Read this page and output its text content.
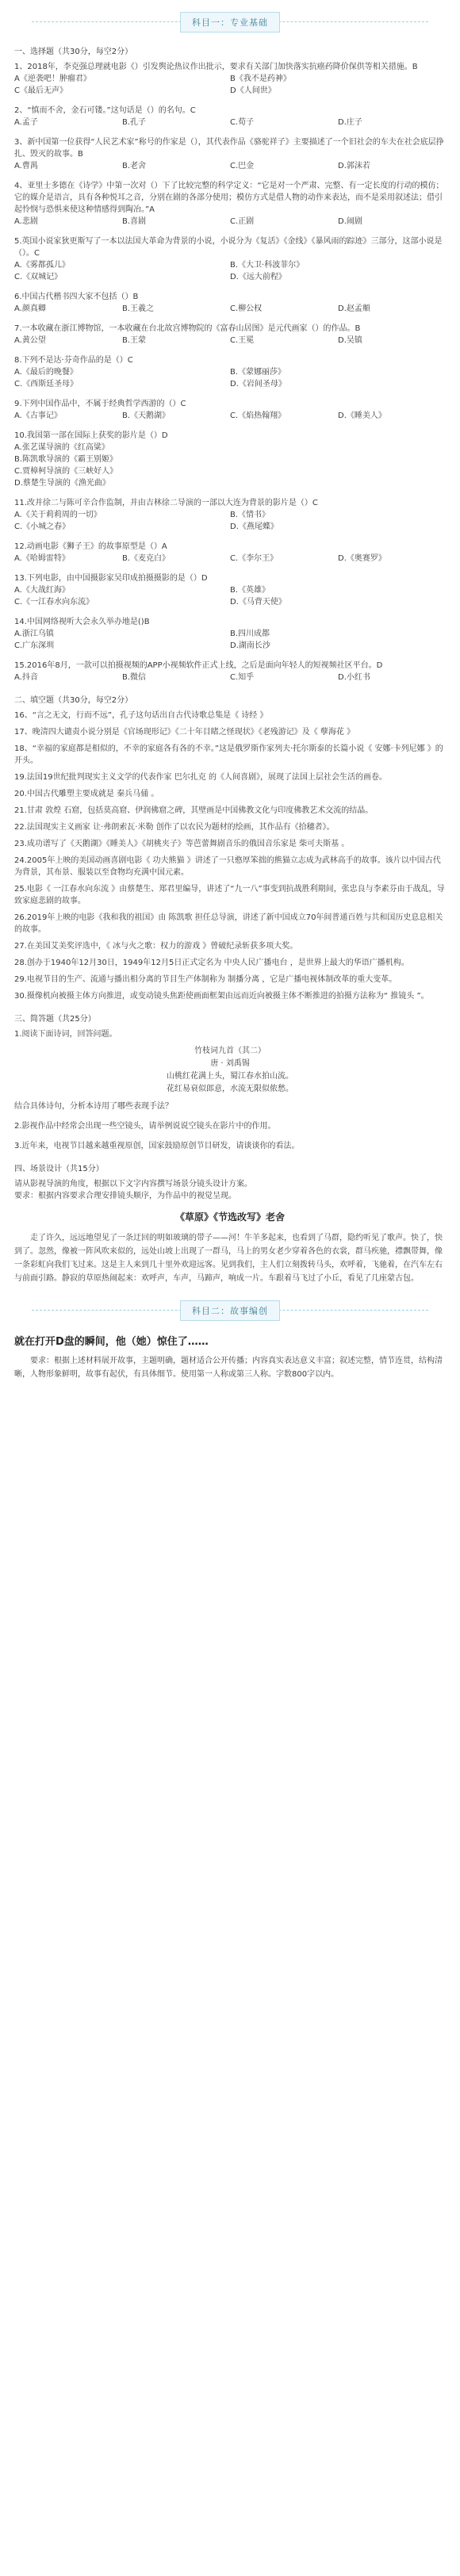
科目一：专业基础
一、选择题（共30分，每空2分）

1、2018年，李克强总理就电影《）引发舆论热议作出批示，要求有关部门加快落实抗癌药降价保供等相关措施。B

A《逆袭吧！肿瘤君》	B《我不是药神》
C《最后无声》	D《人间世》

2、“慎而不舍，金石可镂。”这句话是（）的名句。C

A.孟子	B.孔子	C.荀子	D.庄子

3、新中国第一位获得“人民艺术家”称号的作家是（），其代表作品《骆驼祥子》主要描述了一个旧社会的车夫在社会底层挣扎、毁灭的故事。B

A.曹禺	B.老舍	C.巴金	D.郭沫若

4、亚里士多德在《诗学》中第一次对（）下了比较完整的科学定义：“它是对一个严肃、完整、有一定长度的行动的模仿；它的媒介是语言，具有各种悦耳之音，分别在剧的各部分使用；模仿方式是借人物的动作来表达，而不是采用叙述法；借引起怜悯与恐惧来使这种情感得到陶冶。”A

A.悲剧	B.喜剧	C.正剧	D.闹剧

5.英国小说家狄更斯写了一本以法国大革命为背景的小说，小说分为《复活》《金线》《暴风雨的踪迹》三部分，这部小说是（）。C

A.《雾都孤儿》	B.《大卫·科波菲尔》
C.《双城记》	D.《远大前程》

6.中国古代楷书四大家不包括（）B

A.颜真卿	B.王羲之	C.柳公权	D.赵孟頫

7.一本收藏在浙江博物馆，一本收藏在台北故宫博物院的《富春山居图》是元代画家（）的作品。B

A.黄公望	B.王蒙	C.王冕	D.吴镇

8.下列不是达·芬奇作品的是（）C

A.《最后的晚餐》	B.《蒙娜丽莎》
C.《西斯廷圣母》	D.《岩间圣母》

9.下列中国作品中，不属于经典哲学西游的（）C

A.《古事记》	B.《天鹅湖》	C.《焰热翰翔》	D.《睡美人》

10.我国第一部在国际上获奖的影片是（）D

A.张艺谋导演的《红高粱》
B.陈凯歌导演的《霸王别姬》
C.贾樟柯导演的《三峡好人》
D.蔡楚生导演的《渔光曲》

11.改并徐二与陈可辛合作监制，并由吉林徐二导演的一部以大连为背景的影片是（）C

A.《关于莉莉周的一切》	B.《情书》
C.《小城之春》	D.《燕尾蝶》

12.动画电影《狮子王》的故事原型是（）A

A.《哈姆雷特》	B.《麦克白》	C.《李尔王》	D.《奥赛罗》

13.下列电影，由中国摄影家吴印成拍摄摄影的是（）D

A.《大战红海》	B.《英雄》
C.《一江春水向东流》	D.《马背天使》

14.中国网络视听大会永久举办地是()B

A.浙江乌镇	B.四川成都
C.广东深圳	D.湖南长沙

15.2016年8月，一款可以拍摄视频的APP小视频软件正式上线，之后是面向年轻人的短视频社区平台。D

A.抖音	B.微信	C.知乎	D.小红书
二、填空题（共30分，每空2分）

16、“言之无文，行而不远”，孔子这句话出自古代诗歌总集是《 诗经 》

17、晚清四大谴责小说分别是《官场现形记》《二十年目睹之怪现状》《老残游记》及《 孽海花 》

18、“幸福的家庭都是相似的，不幸的家庭各有各的不幸。”这是俄罗斯作家列夫·托尔斯泰的长篇小说《 安娜·卡列尼娜 》的开头。

19.法国19世纪批判现实主义文学的代表作家 巴尔扎克 的《人间喜剧》，展现了法国上层社会生活的画卷。

20.中国古代雕塑主要成就是 秦兵马俑 。

21.甘肃 敦煌 石窟，包括莫高窟、伊润佛窟之碑，其壁画是中国佛教文化与印度佛教艺术交流的结晶。

22.法国现实主义画家 让·弗朗索瓦·米勒 创作了以农民为题材的绘画，其作品有《拾穗者》。

23.成功谱写了《天鹅湖》《睡美人》《胡桃夹子》等芭蕾舞剧音乐的俄国音乐家是 柴可夫斯基 。

24.2005年上映的美国动画喜剧电影《 功夫熊猫 》讲述了一只憨厚笨拙的熊猫立志成为武林高手的故事。该片以中国古代为背景，其布景、服装以至食物均充满中国元素。

25.电影《 一江春水向东流 》由蔡楚生、郑君里编导，讲述了“九一八”事变到抗战胜利期间，张忠良与李素芬由于战乱，导致家庭悲剧的故事。

26.2019年上映的电影《我和我的祖国》由 陈凯歌 担任总导演，讲述了新中国成立70年间普通百姓与共和国历史息息相关的故事。

27.在美国艾美奖评选中，《 冰与火之歌：权力的游戏 》曾破纪录斩获多项大奖。

28.创办于1940年12月30日，1949年12月5日正式定名为 中央人民广播电台 ，是世界上最大的华语广播机构。

29.电视节目的生产、流通与播出相分离的节目生产体制称为 制播分离 ，它是广播电视体制改革的重大变革。

30.摄像机向被摄主体方向推进，或变动镜头焦距使画面框架由远而近向被摄主体不断推进的拍摄方法称为“ 推镜头 ”。

三、简答题（共25分）

1.阅读下面诗词，回答问题。

竹枝词九首（其二）
唐 · 刘禹锡
山桃红花满上头，蜀江春水拍山流。
花红易衰似郎意，水流无限似侬愁。

结合具体诗句，分析本诗用了哪些表现手法？

2.影视作品中经常会出现一些空镜头，请举例说说空镜头在影片中的作用。

3.近年来，电视节目越来越重视原创，国家鼓励原创节目研发，请谈谈你的看法。

四、场景设计（共15分）

请从影视导演的角度，根据以下文字内容撰写场景分镜头设计方案。

要求：根据内容要求合理安排镜头顺序，为作品中的视觉呈现。

《草原》《节选改写》老舍

走了许久，远远地望见了一条迂回的明如玻璃的带子——河！牛羊多起来，也看到了马群，隐约听见了歌声。快了，快到了。忽然，像被一阵风吹来似的，远处山坡上出现了一群马，马上的男女老少穿着各色的衣裳，群马疾驰，襟飘带舞，像一条彩虹向我们飞过来。这是主人来到几十里外欢迎远客。见到我们，主人们立刻拨转马头，欢呼着，飞驰着，在汽车左右与前面引路。静寂的草原热闹起来：欢呼声，车声，马蹄声，响成一片。车跟着马飞过了小丘，看见了几座蒙古包。

科目二：故事编创
就在打开D盘的瞬间，他（她）惊住了……

要求：根据上述材料展开故事，主题明确，题材适合公开传播；内容真实表达意义丰富；叙述完整，情节连贯，结构清晰，人物形象鲜明，故事有起伏，有具体细节。使用第一人称或第三人称。字数800字以内。
